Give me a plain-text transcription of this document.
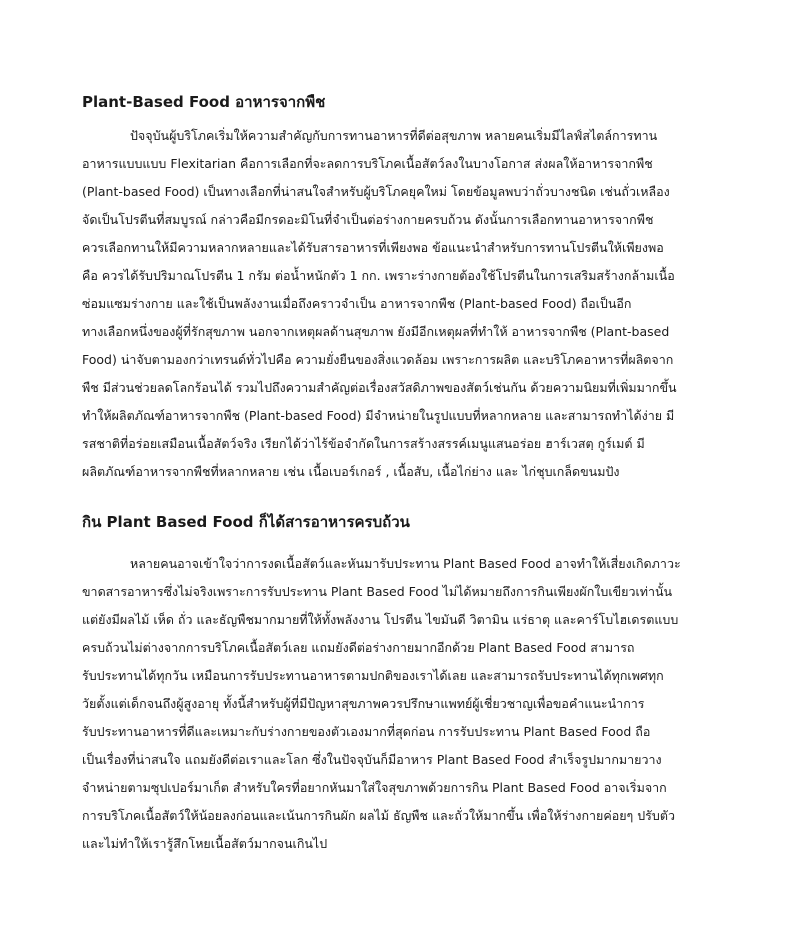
Plant-Based Food อาหารจากพืช
ปัจจุบันผู้บริโภคเริ่มให้ความสำคัญกับการทานอาหารที่ดีต่อสุขภาพ หลายคนเริ่มมีไลฟ์สไตล์การทาน
อาหารแบบแบบ Flexitarian คือการเลือกที่จะลดการบริโภคเนื้อสัตว์ลงในบางโอกาส ส่งผลให้อาหารจากพืช
(Plant-based Food) เป็นทางเลือกที่น่าสนใจสำหรับผู้บริโภคยุคใหม่ โดยข้อมูลพบว่าถั่วบางชนิด เช่นถั่วเหลือง
จัดเป็นโปรตีนที่สมบูรณ์ กล่าวคือมีกรดอะมิโนที่จำเป็นต่อร่างกายครบถ้วน ดังนั้นการเลือกทานอาหารจากพืช
ควรเลือกทานให้มีความหลากหลายและได้รับสารอาหารที่เพียงพอ ข้อแนะนำสำหรับการทานโปรตีนให้เพียงพอ
คือ ควรได้รับปริมาณโปรตีน 1 กรัม ต่อน้ำหนักตัว 1 กก. เพราะร่างกายต้องใช้โปรตีนในการเสริมสร้างกล้ามเนื้อ
ซ่อมแซมร่างกาย และใช้เป็นพลังงานเมื่อถึงคราวจำเป็น อาหารจากพืช (Plant-based Food) ถือเป็นอีก
ทางเลือกหนึ่งของผู้ที่รักสุขภาพ นอกจากเหตุผลด้านสุขภาพ ยังมีอีกเหตุผลที่ทำให้ อาหารจากพืช (Plant-based
Food) น่าจับตามองกว่าเทรนด์ทั่วไปคือ ความยั่งยืนของสิ่งแวดล้อม เพราะการผลิต และบริโภคอาหารที่ผลิตจาก
พืช มีส่วนช่วยลดโลกร้อนได้ รวมไปถึงความสำคัญต่อเรื่องสวัสดิภาพของสัตว์เช่นกัน ด้วยความนิยมที่เพิ่มมากขึ้น
ทำให้ผลิตภัณฑ์อาหารจากพืช (Plant-based Food) มีจำหน่ายในรูปแบบที่หลากหลาย และสามารถทำได้ง่าย มี
รสชาติที่อร่อยเสมือนเนื้อสัตว์จริง เรียกได้ว่าไร้ข้อจำกัดในการสร้างสรรค์เมนูแสนอร่อย ฮาร์เวสตฺ กูร์เมต์ มี
ผลิตภัณฑ์อาหารจากพืชที่หลากหลาย เช่น เนื้อเบอร์เกอร์ , เนื้อสับ, เนื้อไก่ย่าง และ ไก่ชุบเกล็ดขนมปัง
กิน Plant Based Food ก็ได้สารอาหารครบถ้วน
หลายคนอาจเข้าใจว่าการงดเนื้อสัตว์และหันมารับประทาน Plant Based Food อาจทำให้เสี่ยงเกิดภาวะ
ขาดสารอาหารซึ่งไม่จริงเพราะการรับประทาน Plant Based Food ไม่ได้หมายถึงการกินเพียงผักใบเขียวเท่านั้น
แต่ยังมีผลไม้ เห็ด ถั่ว และธัญพืชมากมายที่ให้ทั้งพลังงาน โปรตีน ไขมันดี วิตามิน แร่ธาตุ และคาร์โบไฮเดรตแบบ
ครบถ้วนไม่ต่างจากการบริโภคเนื้อสัตว์เลย แถมยังดีต่อร่างกายมากอีกด้วย Plant Based Food สามารถ
รับประทานได้ทุกวัน เหมือนการรับประทานอาหารตามปกติของเราได้เลย และสามารถรับประทานได้ทุกเพศทุก
วัยตั้งแต่เด็กจนถึงผู้สูงอายุ ทั้งนี้สำหรับผู้ที่มีปัญหาสุขภาพควรปรึกษาแพทย์ผู้เชี่ยวชาญเพื่อขอคำแนะนำการ
รับประทานอาหารที่ดีและเหมาะกับร่างกายของตัวเองมากที่สุดก่อน การรับประทาน Plant Based Food ถือ
เป็นเรื่องที่น่าสนใจ แถมยังดีต่อเราและโลก ซึ่งในปัจจุบันก็มีอาหาร Plant Based Food สำเร็จรูปมากมายวาง
จำหน่ายตามซุปเปอร์มาเก็ต สำหรับใครที่อยากหันมาใส่ใจสุขภาพด้วยการกิน Plant Based Food อาจเริ่มจาก
การบริโภคเนื้อสัตว์ให้น้อยลงก่อนและเน้นการกินผัก ผลไม้ ธัญพืช และถั่วให้มากขึ้น เพื่อให้ร่างกายค่อยๆ ปรับตัว
และไม่ทำให้เรารู้สึกโหยเนื้อสัตว์มากจนเกินไป
